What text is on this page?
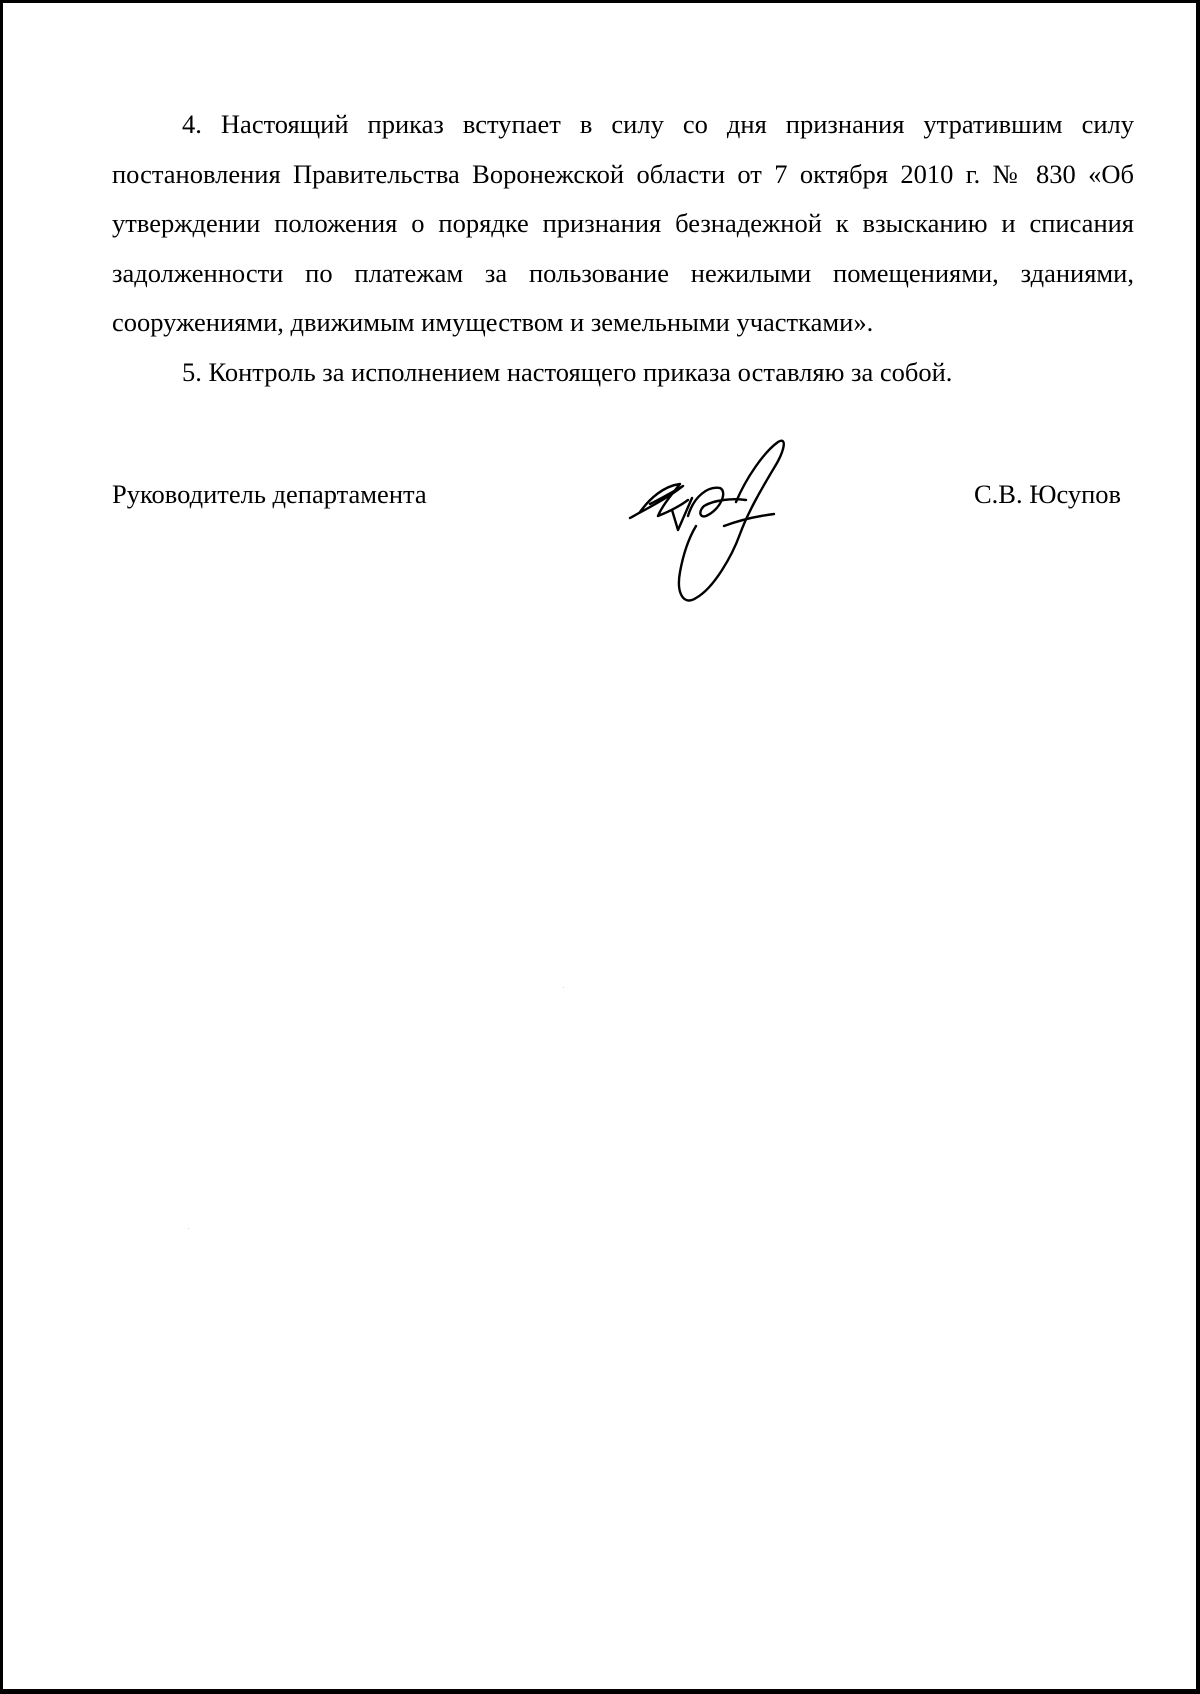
4. Настоящий приказ вступает в силу со дня признания утратившим силу постановления Правительства Воронежской области от 7 октября 2010 г. № 830 «Об утверждении положения о порядке признания безнадежной к взысканию и списания задолженности по платежам за пользование нежилыми помещениями, зданиями, сооружениями, движимым имуществом и земельными участками».

5. Контроль за исполнением настоящего приказа оставляю за собой.

Руководитель департамента	С.В. Юсупов
